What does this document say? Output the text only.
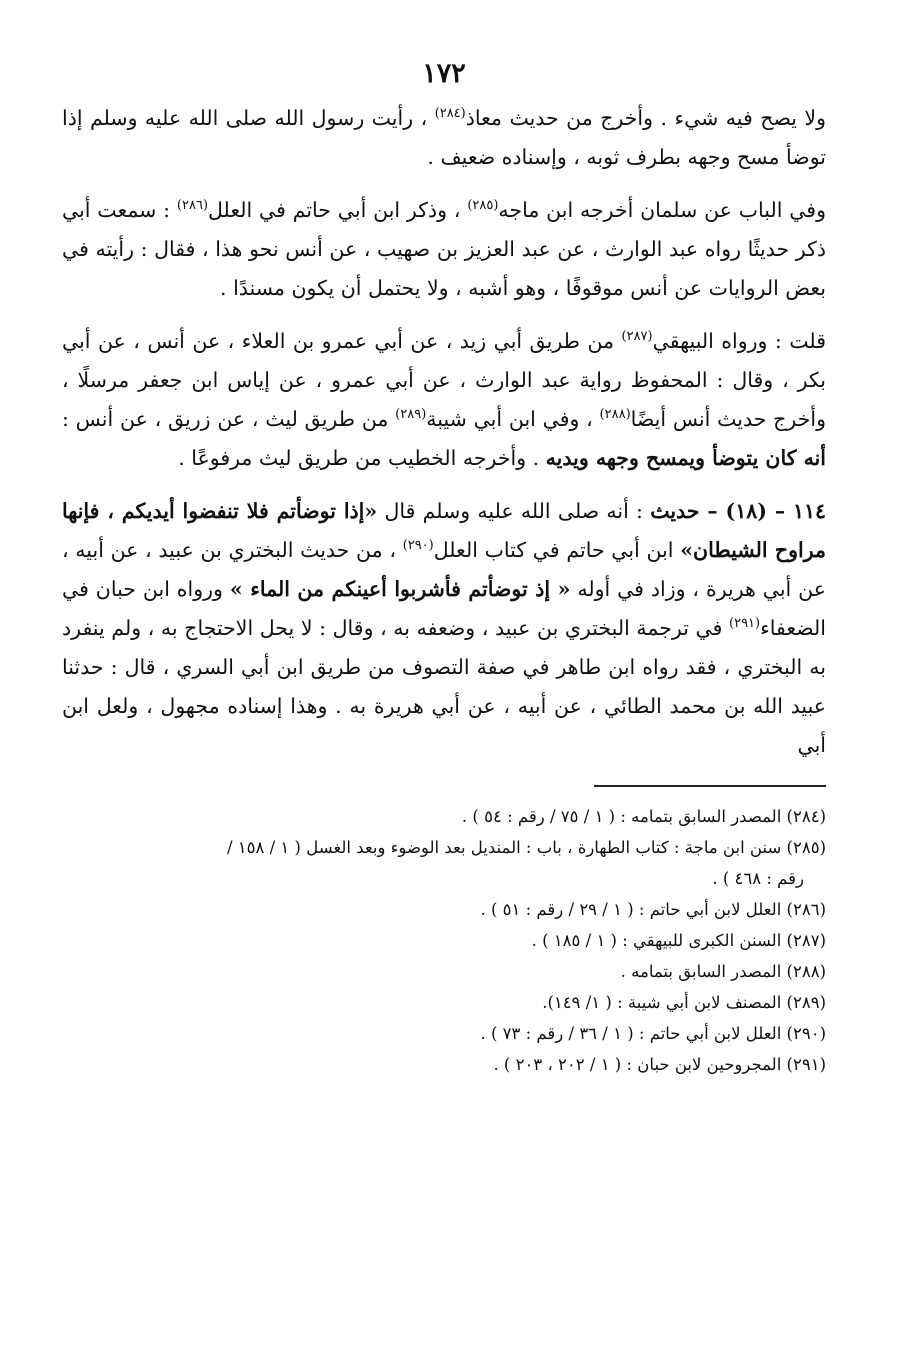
١٧٢

ولا يصح فيه شيء . وأخرج من حديث معاذ$^{(٢٨٤)}$ ، رأيت رسول الله صلى الله عليه وسلم إذا توضأ مسح وجهه بطرف ثوبه ، وإسناده ضعيف .

وفي الباب عن سلمان أخرجه ابن ماجه$^{(٢٨٥)}$ ، وذكر ابن أبي حاتم في العلل$^{(٢٨٦)}$ : سمعت أبي ذكر حديثًا رواه عبد الوارث ، عن عبد العزيز بن صهيب ، عن أنس نحو هذا ، فقال : رأيته في بعض الروايات عن أنس موقوفًا ، وهو أشبه ، ولا يحتمل أن يكون مسندًا .

قلت : ورواه البيهقي$^{(٢٨٧)}$ من طريق أبي زيد ، عن أبي عمرو بن العلاء ، عن أنس ، عن أبي بكر ، وقال : المحفوظ رواية عبد الوارث ، عن أبي عمرو ، عن إياس ابن جعفر مرسلًا ، وأخرج حديث أنس أيضًا$^{(٢٨٨)}$ ، وفي ابن أبي شيبة$^{(٢٨٩)}$ من طريق ليث ، عن زريق ، عن أنس : أنه كان يتوضأ ويمسح وجهه ويديه . وأخرجه الخطيب من طريق ليث مرفوعًا .

١١٤ – (١٨) – حديث : أنه صلى الله عليه وسلم قال «إذا توضأتم فلا تنفضوا أيديكم ، فإنها مراوح الشيطان» ابن أبي حاتم في كتاب العلل$^{(٢٩٠)}$ ، من حديث البختري بن عبيد ، عن أبيه ، عن أبي هريرة ، وزاد في أوله « إذ توضأتم فأشربوا أعينكم من الماء » ورواه ابن حبان في الضعفاء$^{(٢٩١)}$ في ترجمة البختري بن عبيد ، وضعفه به ، وقال : لا يحل الاحتجاج به ، ولم ينفرد به البختري ، فقد رواه ابن طاهر في صفة التصوف من طريق ابن أبي السري ، قال : حدثنا عبيد الله بن محمد الطائي ، عن أبيه ، عن أبي هريرة به . وهذا إسناده مجهول ، ولعل ابن أبي

(٢٨٤) المصدر السابق بتمامه : ( ١ / ٧٥ / رقم : ٥٤ ) .
(٢٨٥) سنن ابن ماجة : كتاب الطهارة ، باب : المنديل بعد الوضوء وبعد الغسل ( ١ / ١٥٨ /
رقم : ٤٦٨ ) .
(٢٨٦) العلل لابن أبي حاتم : ( ١ / ٢٩ / رقم : ٥١ ) .
(٢٨٧) السنن الكبرى للبيهقي : ( ١ / ١٨٥ ) .
(٢٨٨) المصدر السابق بتمامه .
(٢٨٩) المصنف لابن أبي شيبة : ( ١/ ١٤٩).
(٢٩٠) العلل لابن أبي حاتم : ( ١ / ٣٦ / رقم : ٧٣ ) .
(٢٩١) المجروحين لابن حبان : ( ١ / ٢٠٢ ، ٢٠٣ ) .
